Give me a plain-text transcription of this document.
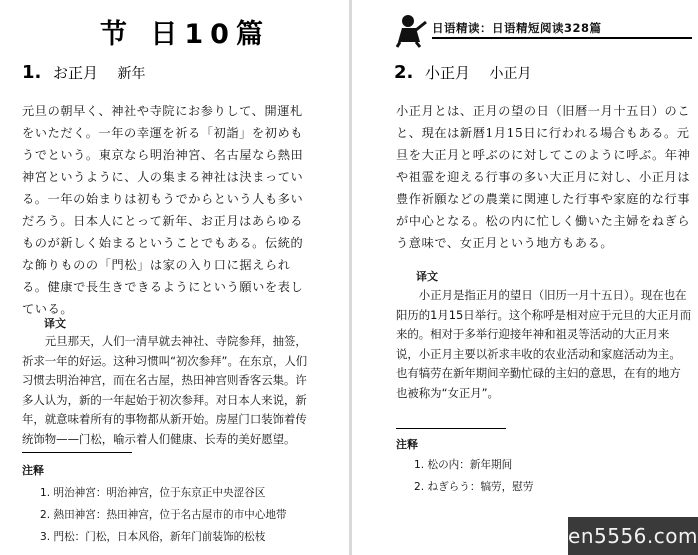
节 日10篇
1. お正月 新年

元旦の朝早く、神社や寺院にお参りして、開運札をいただく。一年の幸運を祈る「初詣」を初めもうでという。東京なら明治神宮、名古屋なら熱田神宮というように、人の集まる神社は決まっている。一年の始まりは初もうでからという人も多いだろう。日本人にとって新年、お正月はあらゆるものが新しく始まるということでもある。伝統的な飾りものの「門松」は家の入り口に据えられる。健康で長生きできるようにという願いを表している。

译文

元旦那天，人们一清早就去神社、寺院参拜，抽签，祈求一年的好运。这种习惯叫“初次参拜”。在东京，人们习惯去明治神宫，而在名古屋，热田神宫则香客云集。许多人认为，新的一年起始于初次参拜。对日本人来说，新年，就意味着所有的事物都从新开始。房屋门口装饰着传统饰物——门松，喻示着人们健康、长寿的美好愿望。

注释
1. 明治神宮：明治神宫，位于东京正中央涩谷区
2. 熱田神宮：热田神宫，位于名古屋市的市中心地带
3. 門松：门松，日本风俗，新年门前装饰的松枝
日语精读：日语精短阅读328篇
2. 小正月 小正月

小正月とは、正月の望の日（旧暦一月十五日）のこと、現在は新暦1月15日に行われる場合もある。元旦を大正月と呼ぶのに対してこのように呼ぶ。年神や祖霊を迎える行事の多い大正月に対し、小正月は豊作祈願などの農業に関連した行事や家庭的な行事が中心となる。松の内に忙しく働いた主婦をねぎらう意味で、女正月という地方もある。

译文

小正月是指正月的望日（旧历一月十五日）。现在也在阳历的1月15日举行。这个称呼是相对应于元旦的大正月而来的。相对于多举行迎接年神和祖灵等活动的大正月来说，小正月主要以祈求丰收的农业活动和家庭活动为主。也有犒劳在新年期间辛勤忙碌的主妇的意思，在有的地方也被称为“女正月”。

注释
1. 松の内：新年期间
2. ねぎらう：犒劳，慰劳
en5556.com
